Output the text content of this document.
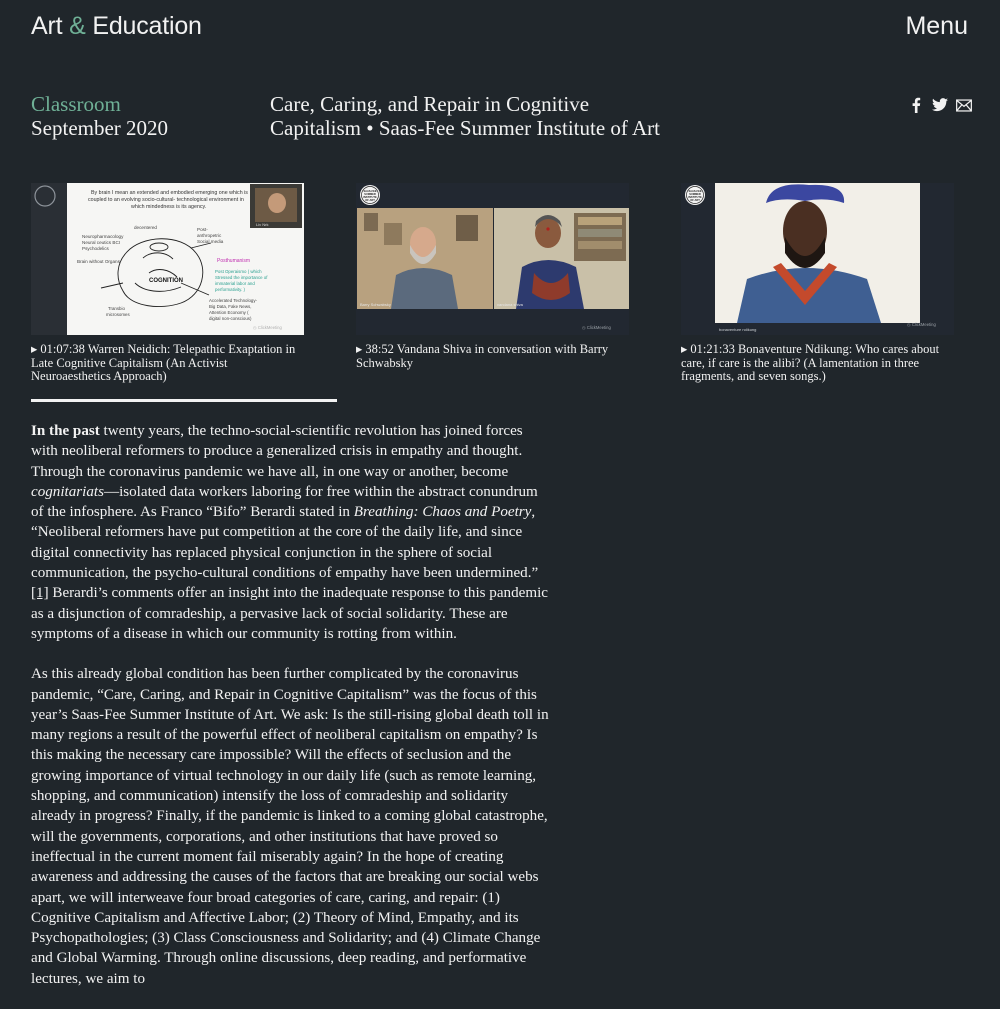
Art & Education	Menu
Classroom
September 2020
Care, Caring, and Repair in Cognitive Capitalism • Saas-Fee Summer Institute of Art
Liv Nrk
By brain I mean an extended and embodied emerging one which is
coupled to an evolving socio-cultural- technological environment in
which mindedness is its agency.
decentered	Post-
anthropetric
Social media
Neuropharmacology
Neural ceutics BCI
Psychodelics
Brain without Organs	Posthumanism
Post Operaismo ( which
Stressed the importance of
immaterial labor and
performativity. )
Accelerated Technology-
Big Data, Fake News,
Attention Economy (
digital non-conscious)
Transbio
microsomes
COGNITION
◷ ClickMeeting
▸ 01:07:38 Warren Neidich: Telepathic Exaptation in Late Cognitive Capitalism (An Activist Neuroaesthetics Approach)
SAAS-FEE
SUMMER
INSTITUTE
OF ART
Barry Schwabsky	vandana shiva
◷ ClickMeeting
▸ 38:52 Vandana Shiva in conversation with Barry Schwabsky
SAAS-FEE
SUMMER
INSTITUTE
OF ART
bonaventure ndikung
◷ ClickMeeting
▸ 01:21:33 Bonaventure Ndikung: Who cares about care, if care is the alibi? (A lamentation in three fragments, and seven songs.)

In the past twenty years, the techno-social-scientific revolution has joined forces with neoliberal reformers to produce a generalized crisis in empathy and thought. Through the coronavirus pandemic we have all, in one way or another, become cognitariats—isolated data workers laboring for free within the abstract conundrum of the infosphere. As Franco “Bifo” Berardi stated in Breathing: Chaos and Poetry, “Neoliberal reformers have put competition at the core of the daily life, and since digital connectivity has replaced physical conjunction in the sphere of social communication, the psycho-cultural conditions of empathy have been undermined.” [1] Berardi’s comments offer an insight into the inadequate response to this pandemic as a disjunction of comradeship, a pervasive lack of social solidarity. These are symptoms of a disease in which our community is rotting from within.

As this already global condition has been further complicated by the coronavirus pandemic, “Care, Caring, and Repair in Cognitive Capitalism” was the focus of this year’s Saas-Fee Summer Institute of Art. We ask: Is the still-rising global death toll in many regions a result of the powerful effect of neoliberal capitalism on empathy? Is this making the necessary care impossible? Will the effects of seclusion and the growing importance of virtual technology in our daily life (such as remote learning, shopping, and communication) intensify the loss of comradeship and solidarity already in progress? Finally, if the pandemic is linked to a coming global catastrophe, will the governments, corporations, and other institutions that have proved so ineffectual in the current moment fail miserably again? In the hope of creating awareness and addressing the causes of the factors that are breaking our social webs apart, we will interweave four broad categories of care, caring, and repair: (1) Cognitive Capitalism and Affective Labor; (2) Theory of Mind, Empathy, and its Psychopathologies; (3) Class Consciousness and Solidarity; and (4) Climate Change and Global Warming. Through online discussions, deep reading, and performative lectures, we aim to
